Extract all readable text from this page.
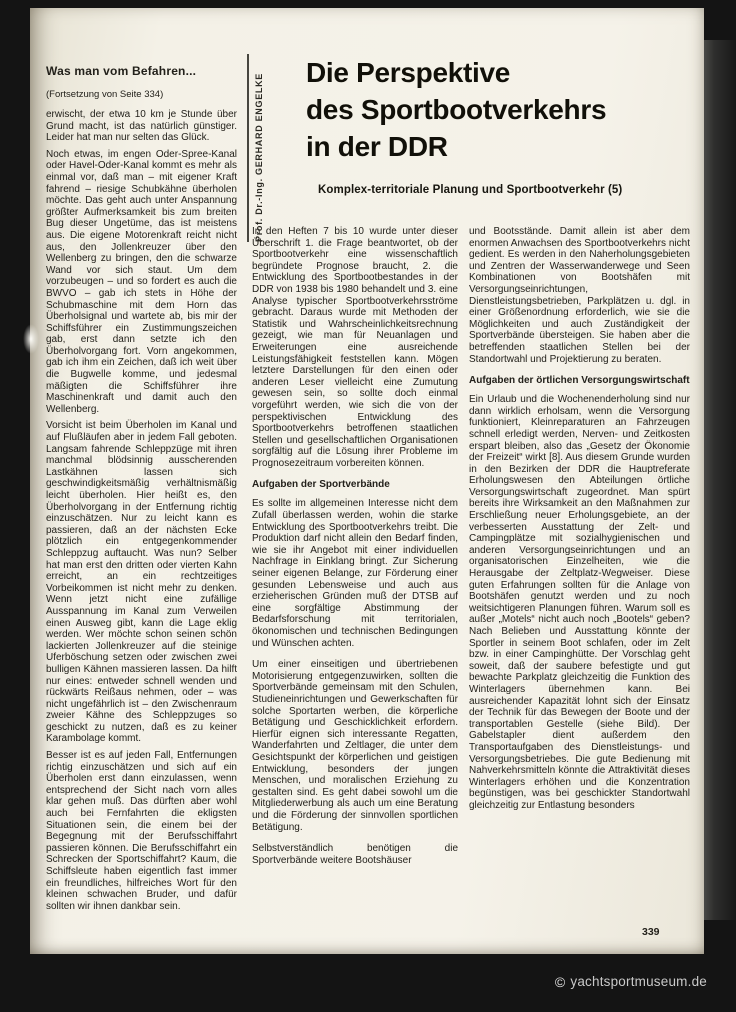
Was man vom Befahren...

(Fortsetzung von Seite 334)

erwischt, der etwa 10 km je Stunde über Grund macht, ist das natürlich günstiger. Leider hat man nur selten das Glück.

Noch etwas, im engen Oder-Spree-Kanal oder Havel-Oder-Kanal kommt es mehr als einmal vor, daß man – mit eigener Kraft fahrend – riesige Schubkähne überholen möchte. Das geht auch unter Anspannung größter Aufmerksamkeit bis zum breiten Bug dieser Ungetüme, das ist meistens aus. Die eigene Motorenkraft reicht nicht aus, den Jollenkreuzer über den Wellenberg zu bringen, den die schwarze Wand vor sich staut. Um dem vorzubeugen – und so fordert es auch die BWVO – gab ich stets in Höhe der Schubmaschine mit dem Horn das Überholsignal und wartete ab, bis mir der Schiffsführer ein Zustimmungszeichen gab, erst dann setzte ich den Überholvorgang fort. Vorn angekommen, gab ich ihm ein Zeichen, daß ich weit über die Bugwelle komme, und jedesmal mäßigten die Schiffsführer ihre Maschinenkraft und damit auch den Wellenberg.

Vorsicht ist beim Überholen im Kanal und auf Flußläufen aber in jedem Fall geboten. Langsam fahrende Schleppzüge mit ihren manchmal blödsinnig ausscherenden Lastkähnen lassen sich geschwindigkeitsmäßig verhältnismäßig leicht überholen. Hier heißt es, den Überholvorgang in der Entfernung richtig einzuschätzen. Nur zu leicht kann es passieren, daß an der nächsten Ecke plötzlich ein entgegenkommender Schleppzug auftaucht. Was nun? Selber hat man erst den dritten oder vierten Kahn erreicht, an ein rechtzeitiges Vorbeikommen ist nicht mehr zu denken. Wenn jetzt nicht eine zufällige Ausspannung im Kanal zum Verweilen einen Ausweg gibt, kann die Lage eklig werden. Wer möchte schon seinen schön lackierten Jollenkreuzer auf die steinige Uferböschung setzen oder zwischen zwei bulligen Kähnen massieren lassen. Da hilft nur eines: entweder schnell wenden und rückwärts Reißaus nehmen, oder – was nicht ungefährlich ist – den Zwischenraum zweier Kähne des Schleppzuges so geschickt zu nutzen, daß es zu keiner Karambolage kommt.

Besser ist es auf jeden Fall, Entfernungen richtig einzuschätzen und sich auf ein Überholen erst dann einzulassen, wenn entsprechend der Sicht nach vorn alles klar gehen muß. Das dürften aber wohl auch bei Fernfahrten die ekligsten Situationen sein, die einem bei der Begegnung mit der Berufsschiffahrt passieren können. Die Berufsschiffahrt ein Schrecken der Sportschiffahrt? Kaum, die Schiffsleute haben eigentlich fast immer ein freundliches, hilfreiches Wort für den kleinen schwachen Bruder, und dafür sollten wir ihnen dankbar sein.

Prof. Dr.-Ing. GERHARD ENGELKE
Die Perspektive
des Sportbootverkehrs
in der DDR
Komplex-territoriale Planung und Sportbootverkehr (5)

In den Heften 7 bis 10 wurde unter dieser Überschrift 1. die Frage beantwortet, ob der Sportbootverkehr eine wissenschaftlich begründete Prognose braucht, 2. die Entwicklung des Sportbootbestandes in der DDR von 1938 bis 1980 behandelt und 3. eine Analyse typischer Sportbootverkehrsströme gebracht. Daraus wurde mit Methoden der Statistik und Wahrscheinlichkeitsrechnung gezeigt, wie man für Neuanlagen und Erweiterungen eine ausreichende Leistungsfähigkeit feststellen kann. Mögen letztere Darstellungen für den einen oder anderen Leser vielleicht eine Zumutung gewesen sein, so sollte doch einmal vorgeführt werden, wie sich die von der perspektivischen Entwicklung des Sportbootverkehrs betroffenen staatlichen Stellen und gesellschaftlichen Organisationen sorgfältig auf die Lösung ihrer Probleme im Prognosezeitraum vorbereiten können.

Aufgaben der Sportverbände

Es sollte im allgemeinen Interesse nicht dem Zufall überlassen werden, wohin die starke Entwicklung des Sportbootverkehrs treibt. Die Produktion darf nicht allein den Bedarf finden, wie sie ihr Angebot mit einer individuellen Nachfrage in Einklang bringt. Zur Sicherung seiner eigenen Belange, zur Förderung einer gesunden Lebensweise und auch aus erzieherischen Gründen muß der DTSB auf eine sorgfältige Abstimmung der Bedarfsforschung mit territorialen, ökonomischen und technischen Bedingungen und Wünschen achten.

Um einer einseitigen und übertriebenen Motorisierung entgegenzuwirken, sollten die Sportverbände gemeinsam mit den Schulen, Studieneinrichtungen und Gewerkschaften für solche Sportarten werben, die körperliche Betätigung und Geschicklichkeit erfordern. Hierfür eignen sich interessante Regatten, Wanderfahrten und Zeltlager, die unter dem Gesichtspunkt der körperlichen und geistigen Entwicklung, besonders der jungen Menschen, und moralischen Erziehung zu gestalten sind. Es geht dabei sowohl um die Mitgliederwerbung als auch um eine Beratung und die Förderung der sinnvollen sportlichen Betätigung.

Selbstverständlich benötigen die Sportverbände weitere Bootshäuser

und Bootsstände. Damit allein ist aber dem enormen Anwachsen des Sportbootverkehrs nicht gedient. Es werden in den Naherholungsgebieten und Zentren der Wasserwanderwege und Seen Kombinationen von Bootshäfen mit Versorgungseinrichtungen, Dienstleistungsbetrieben, Parkplätzen u. dgl. in einer Größenordnung erforderlich, wie sie die Möglichkeiten und auch Zuständigkeit der Sportverbände übersteigen. Sie haben aber die betreffenden staatlichen Stellen bei der Standortwahl und Projektierung zu beraten.

Aufgaben der örtlichen Versorgungswirtschaft

Ein Urlaub und die Wochenenderholung sind nur dann wirklich erholsam, wenn die Versorgung funktioniert, Kleinreparaturen an Fahrzeugen schnell erledigt werden, Nerven- und Zeitkosten erspart bleiben, also das „Gesetz der Ökonomie der Freizeit“ wirkt [8]. Aus diesem Grunde wurden in den Bezirken der DDR die Hauptreferate Erholungswesen den Abteilungen örtliche Versorgungswirtschaft zugeordnet. Man spürt bereits ihre Wirksamkeit an den Maßnahmen zur Erschließung neuer Erholungsgebiete, an der verbesserten Ausstattung der Zelt- und Campingplätze mit sozialhygienischen und anderen Versorgungseinrichtungen und an organisatorischen Einzelheiten, wie die Herausgabe der Zeltplatz-Wegweiser. Diese guten Erfahrungen sollten für die Anlage von Bootshäfen genutzt werden und zu noch weitsichtigeren Planungen führen. Warum soll es außer „Motels“ nicht auch noch „Bootels“ geben? Nach Belieben und Ausstattung könnte der Sportler in seinem Boot schlafen, oder im Zelt bzw. in einer Campinghütte. Der Vorschlag geht soweit, daß der saubere befestigte und gut bewachte Parkplatz gleichzeitig die Funktion des Winterlagers übernehmen kann. Bei ausreichender Kapazität lohnt sich der Einsatz der Technik für das Bewegen der Boote und der transportablen Gestelle (siehe Bild). Der Gabelstapler dient außerdem den Transportaufgaben des Dienstleistungs- und Versorgungsbetriebes. Die gute Bedienung mit Nahverkehrsmitteln könnte die Attraktivität dieses Winterlagers erhöhen und die Konzentration begünstigen, was bei geschickter Standortwahl gleichzeitig zur Entlastung besonders

339
© yachtsportmuseum.de
